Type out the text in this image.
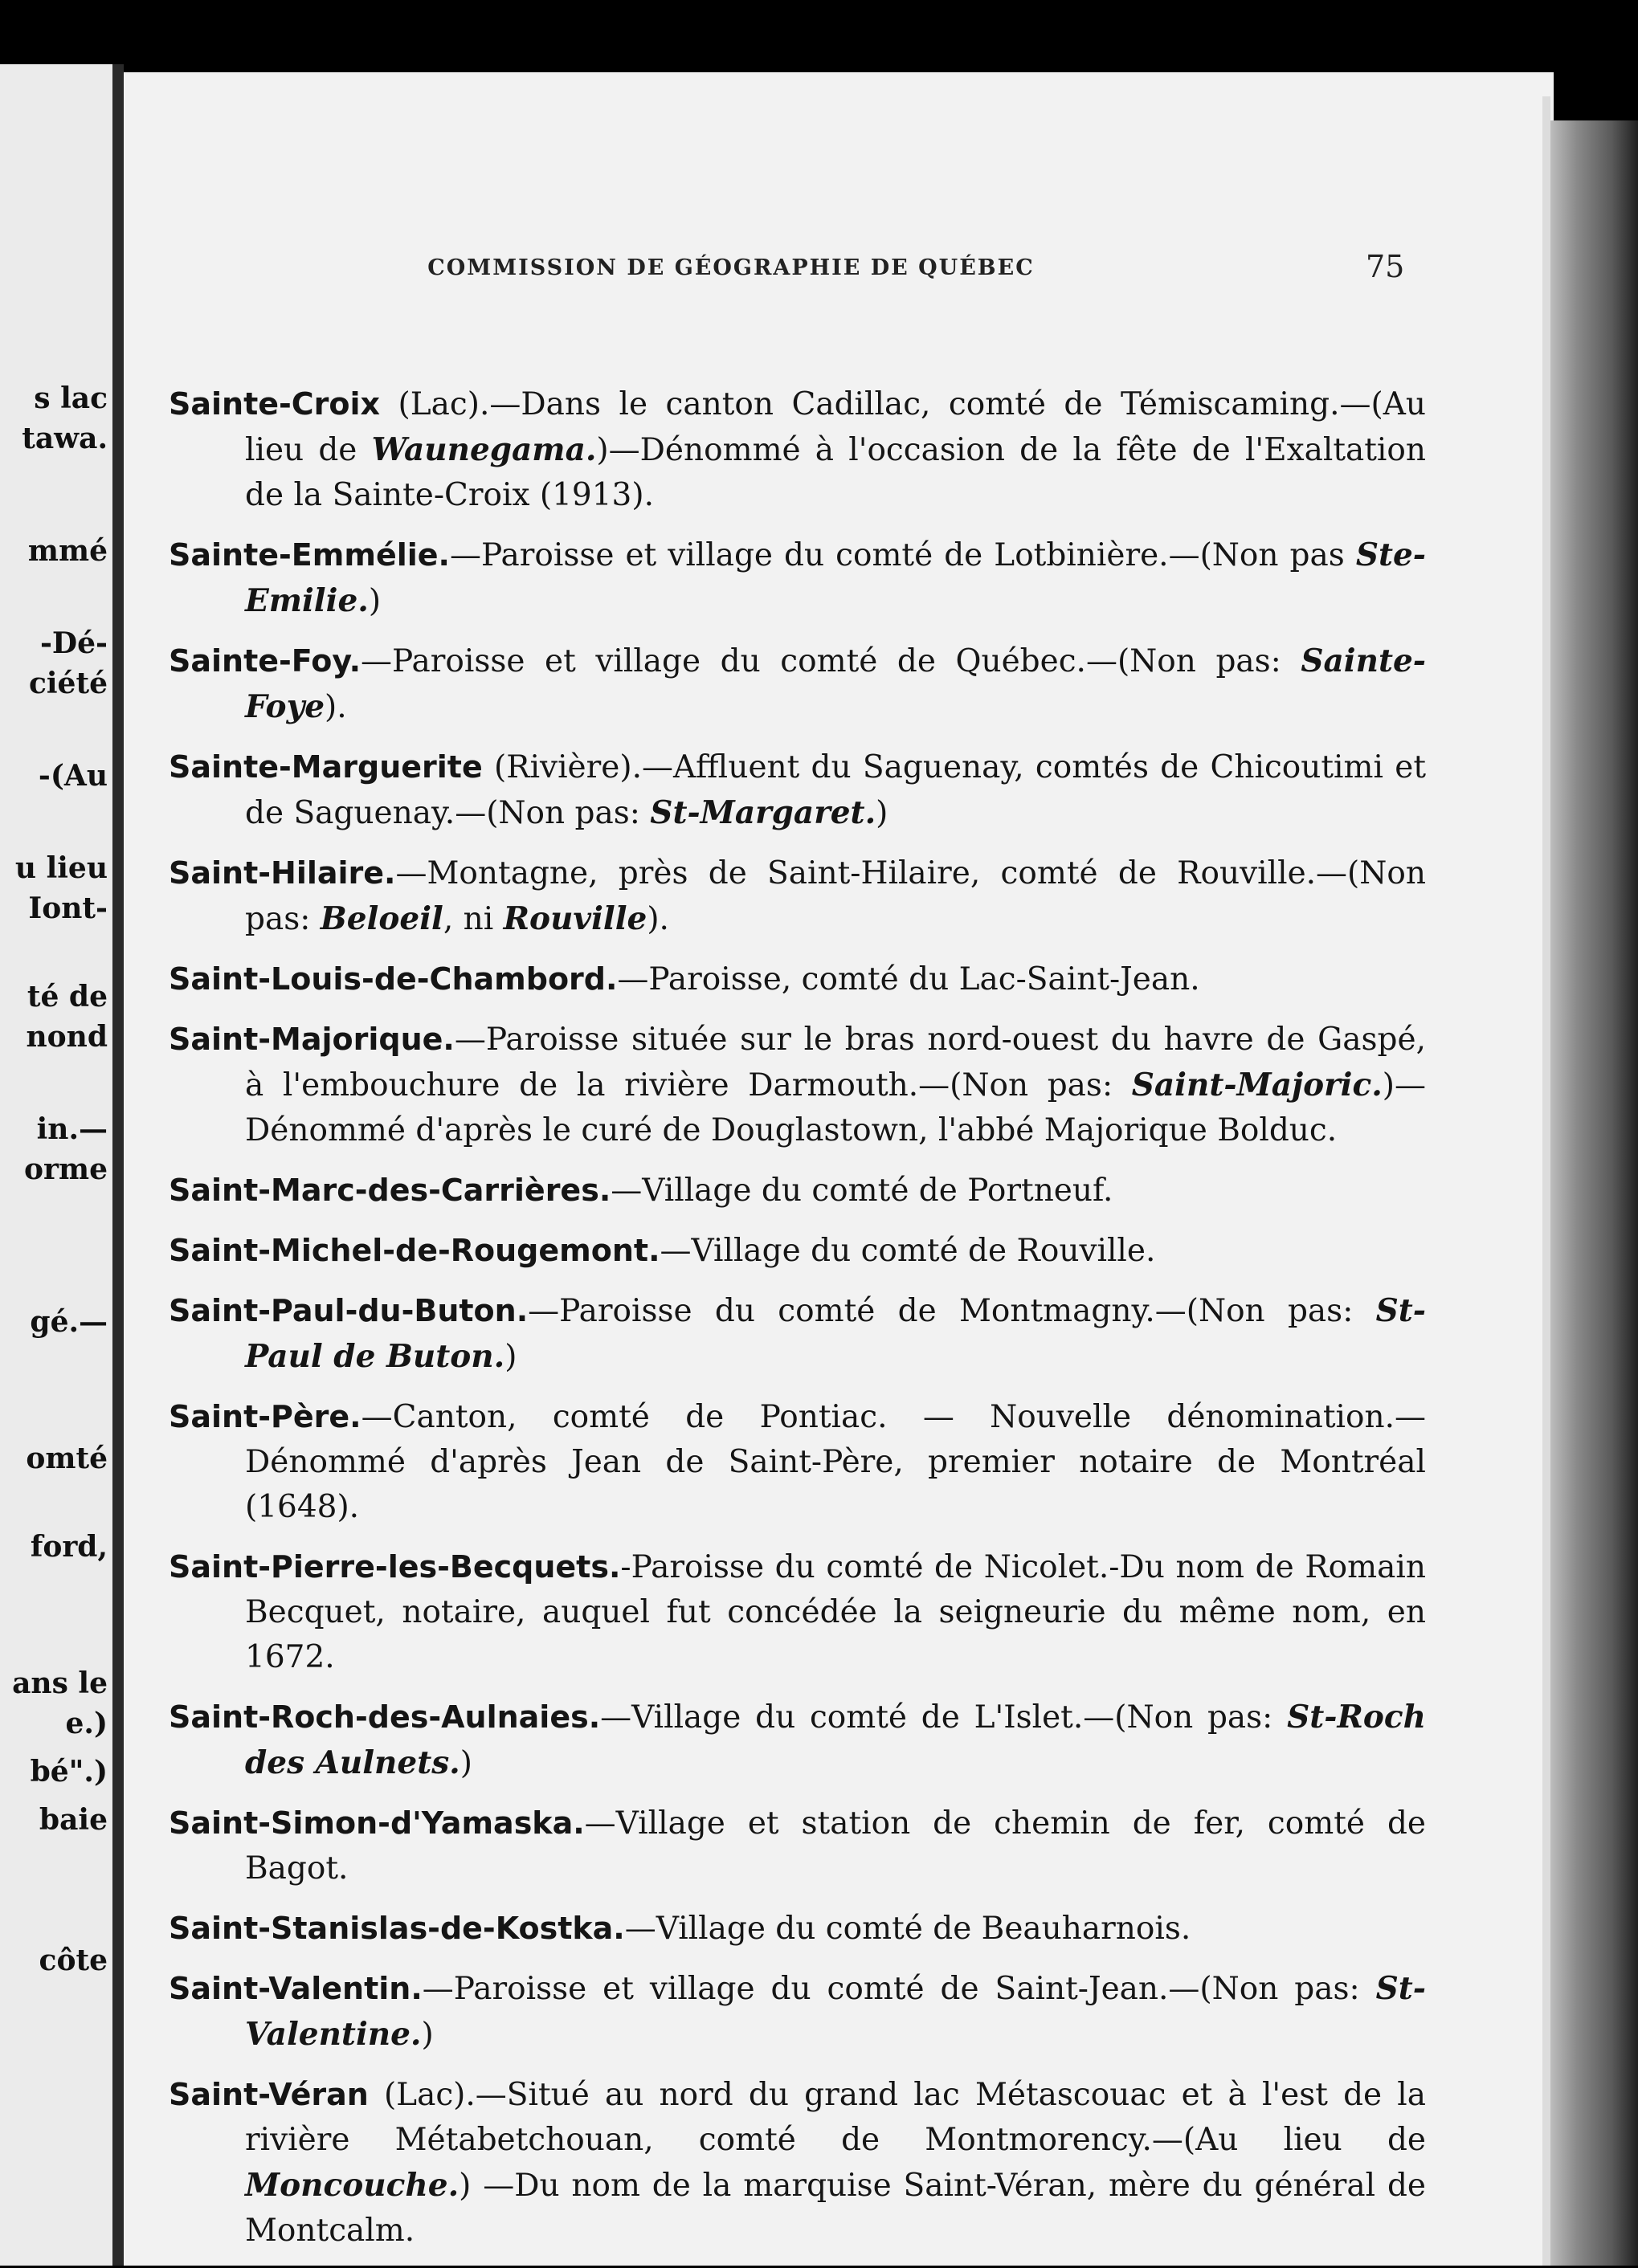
s lac
tawa.
mmé
-Dé-
ciété
-(Au
u lieu
Iont-
té de
nond
in.—
orme
gé.—
omté
ford,
ans le
e.)
bé".)
baie
côte
COMMISSION DE GÉOGRAPHIE DE QUÉBEC	75

Sainte-Croix (Lac).—Dans le canton Cadillac, comté de Témiscaming.—(Au lieu de Waunegama.)—Dénommé à l'occasion de la fête de l'Exaltation de la Sainte-Croix (1913).

Sainte-Emmélie.—Paroisse et village du comté de Lotbinière.—(Non pas Ste-Emilie.)

Sainte-Foy.—Paroisse et village du comté de Québec.—(Non pas: Sainte-Foye).

Sainte-Marguerite (Rivière).—Affluent du Saguenay, comtés de Chicoutimi et de Saguenay.—(Non pas: St-Margaret.)

Saint-Hilaire.—Montagne, près de Saint-Hilaire, comté de Rouville.—(Non pas: Beloeil, ni Rouville).

Saint-Louis-de-Chambord.—Paroisse, comté du Lac-Saint-Jean.

Saint-Majorique.—Paroisse située sur le bras nord-ouest du havre de Gaspé, à l'embouchure de la rivière Darmouth.—(Non pas: Saint-Majoric.)—Dénommé d'après le curé de Douglastown, l'abbé Majorique Bolduc.

Saint-Marc-des-Carrières.—Village du comté de Portneuf.

Saint-Michel-de-Rougemont.—Village du comté de Rouville.

Saint-Paul-du-Buton.—Paroisse du comté de Montmagny.—(Non pas: St-Paul de Buton.)

Saint-Père.—Canton, comté de Pontiac. — Nouvelle dénomination.—Dénommé d'après Jean de Saint-Père, premier notaire de Montréal (1648).

Saint-Pierre-les-Becquets.-Paroisse du comté de Nicolet.-Du nom de Romain Becquet, notaire, auquel fut concédée la seigneurie du même nom, en 1672.

Saint-Roch-des-Aulnaies.—Village du comté de L'Islet.—(Non pas: St-Roch des Aulnets.)

Saint-Simon-d'Yamaska.—Village et station de chemin de fer, comté de Bagot.

Saint-Stanislas-de-Kostka.—Village du comté de Beauharnois.

Saint-Valentin.—Paroisse et village du comté de Saint-Jean.—(Non pas: St-Valentine.)

Saint-Véran (Lac).—Situé au nord du grand lac Métascouac et à l'est de la rivière Métabetchouan, comté de Montmorency.—(Au lieu de Moncouche.) —Du nom de la marquise Saint-Véran, mère du général de Montcalm.
